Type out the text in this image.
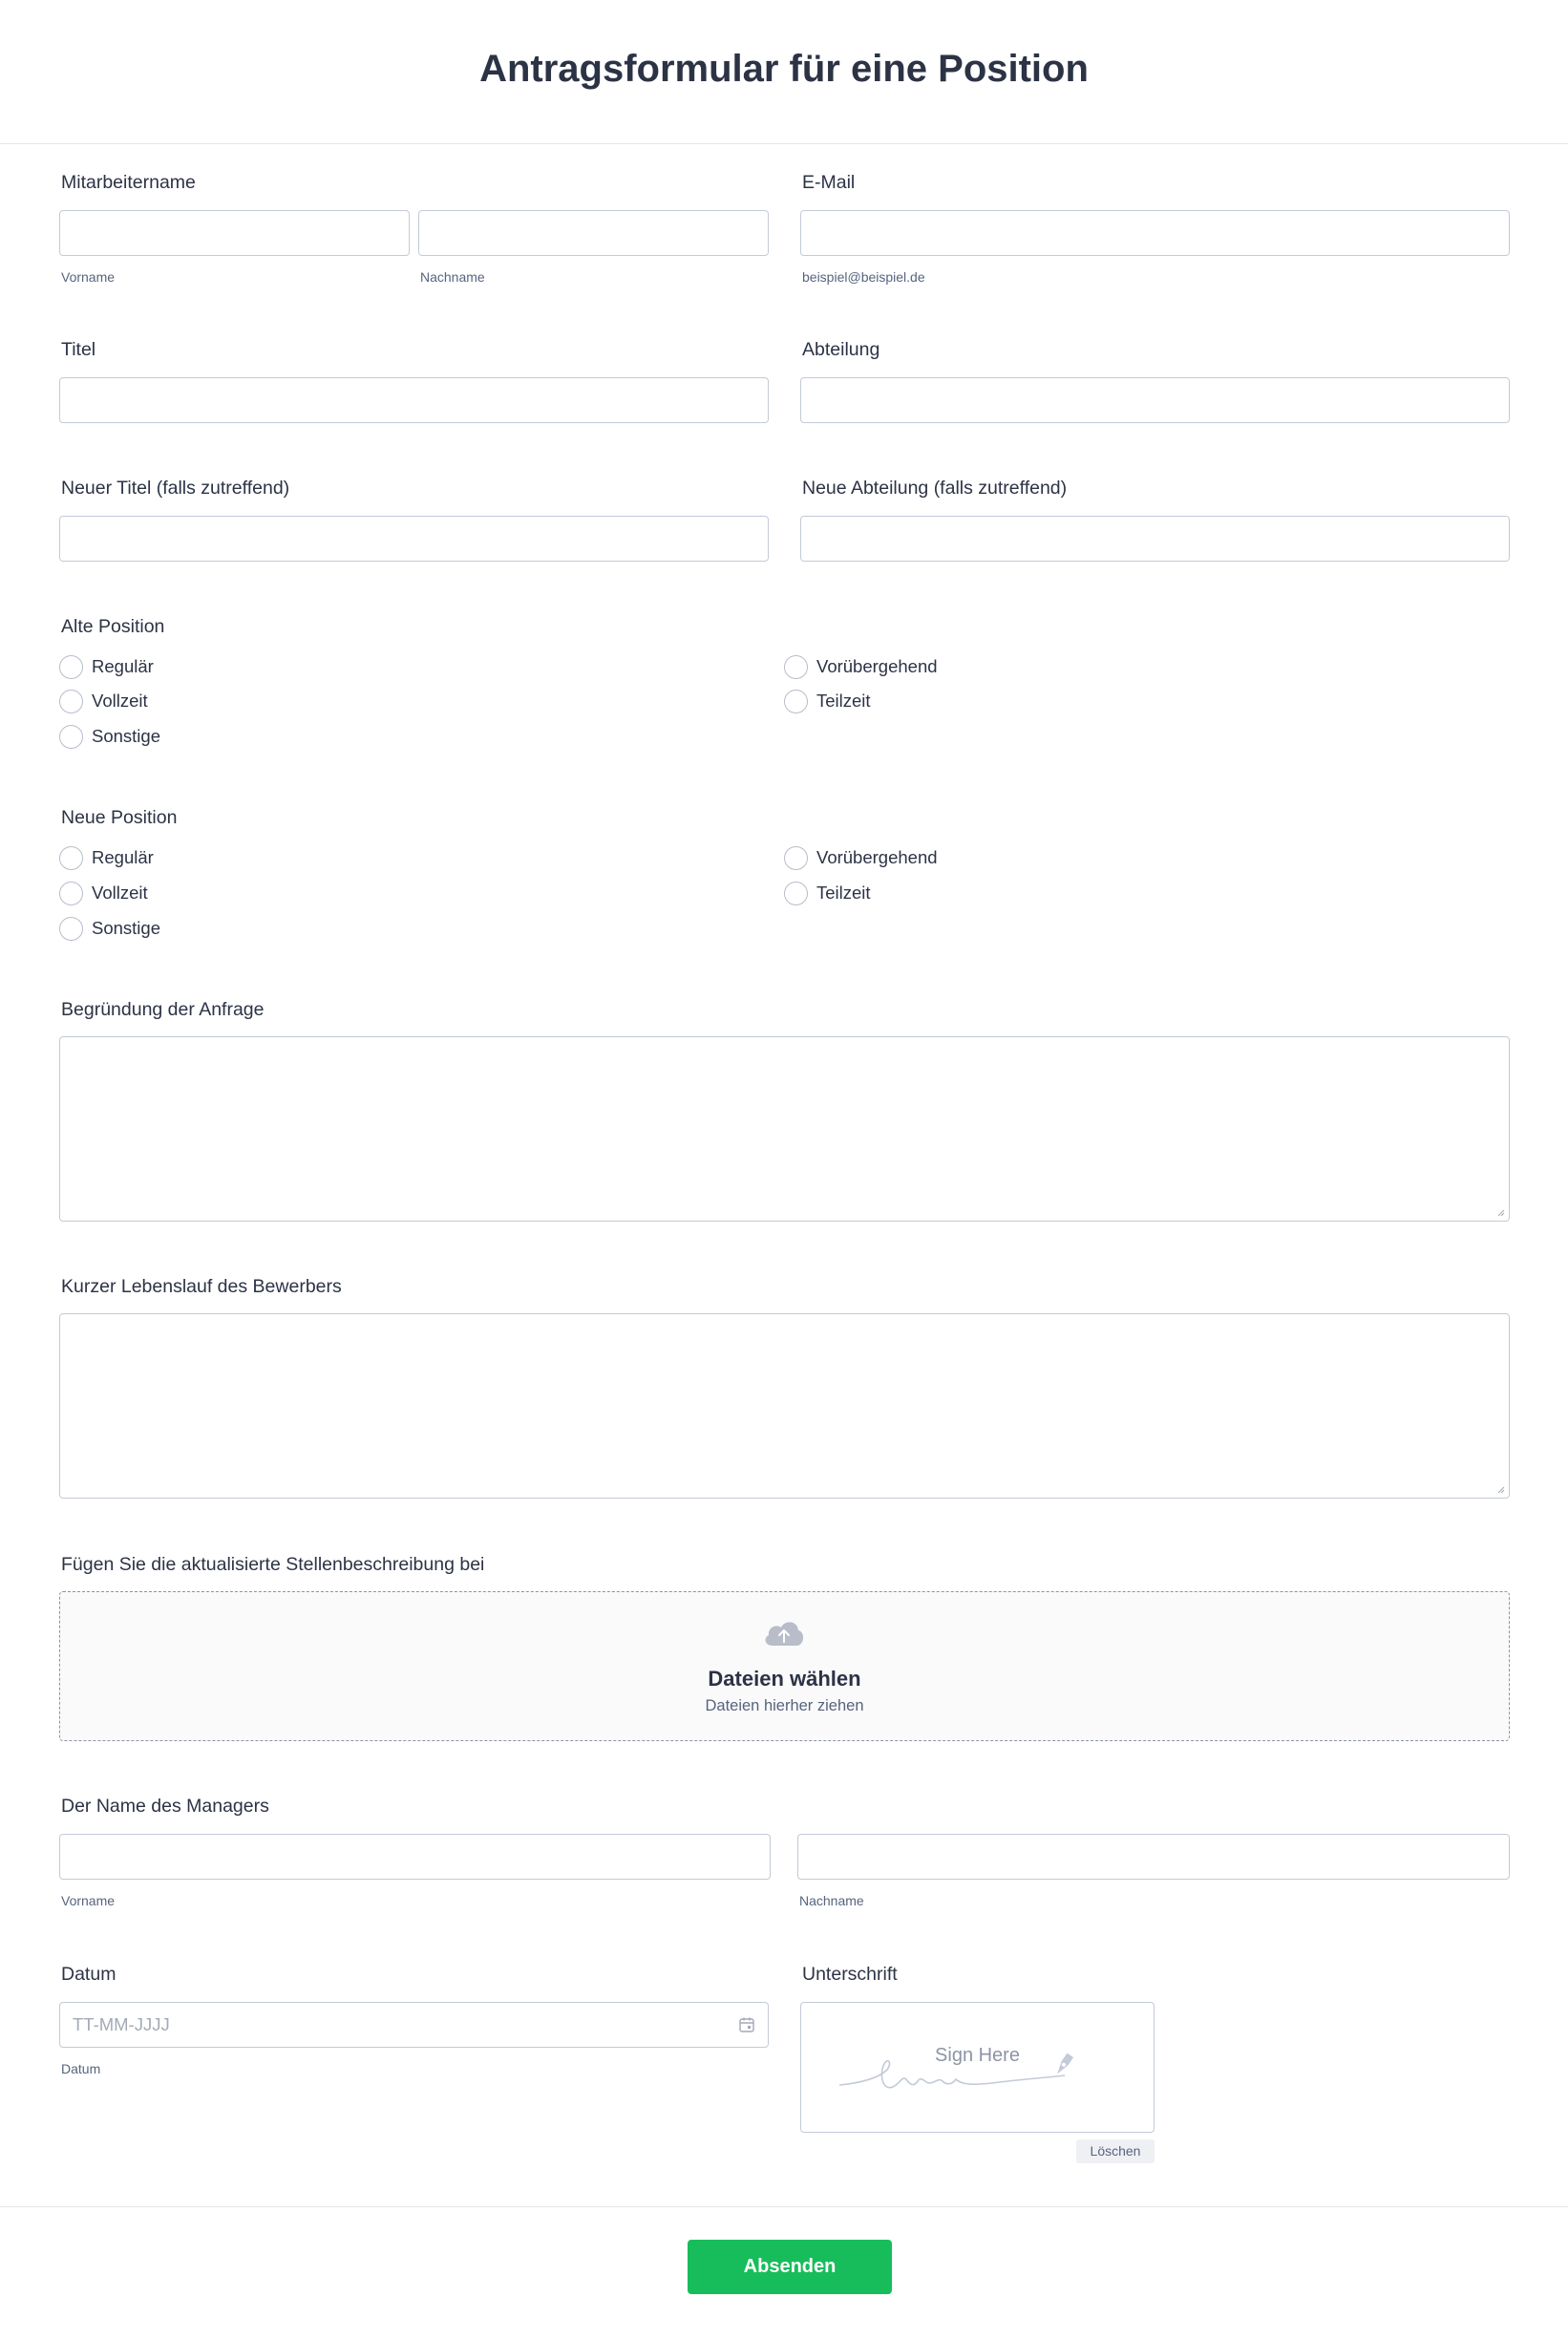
Antragsformular für eine Position
Mitarbeitername
Vorname	Nachname
E-Mail
beispiel@beispiel.de
Titel	Abteilung
Neuer Titel (falls zutreffend)	Neue Abteilung (falls zutreffend)
Alte Position
Regulär	Vorübergehend
Vollzeit	Teilzeit
Sonstige
Neue Position
Regulär	Vorübergehend
Vollzeit	Teilzeit
Sonstige
Begründung der Anfrage
Kurzer Lebenslauf des Bewerbers
Fügen Sie die aktualisierte Stellenbeschreibung bei
Dateien wählen
Dateien hierher ziehen
Der Name des Managers
Vorname	Nachname
Datum
TT-MM-JJJJ
Datum
Unterschrift
Sign Here
Löschen
Absenden
